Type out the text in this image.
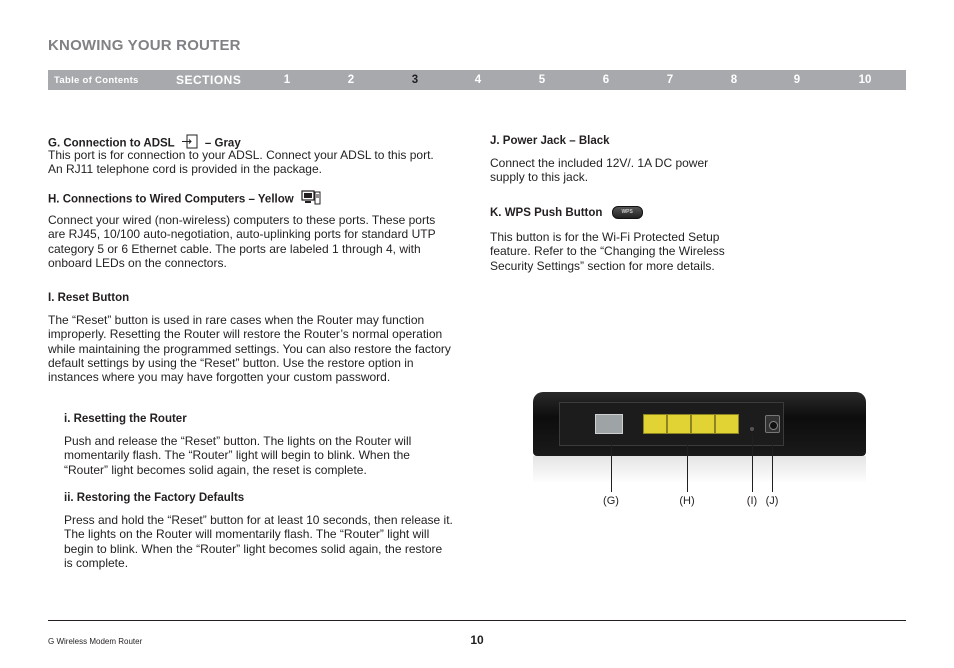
KNOWING YOUR ROUTER
Table of Contents	SECTIONS	1	2	3	4	5	6	7	8	9	10
G. Connection to ADSL	– Gray
This port is for connection to your ADSL. Connect your ADSL to this port. An RJ11 telephone cord is provided in the package.
H. Connections to Wired Computers – Yellow
Connect your wired (non-wireless) computers to these ports. These ports are RJ45, 10/100 auto-negotiation, auto-uplinking ports for standard UTP category 5 or 6 Ethernet cable. The ports are labeled 1 through 4, with onboard LEDs on the connectors.
I. Reset Button
The “Reset” button is used in rare cases when the Router may function improperly. Resetting the Router will restore the Router’s normal operation while maintaining the programmed settings. You can also restore the factory default settings by using the “Reset” button. Use the restore option in instances where you may have forgotten your custom password.
i. Resetting the Router
Push and release the “Reset” button. The lights on the Router will momentarily flash. The “Router” light will begin to blink. When the “Router” light becomes solid again, the reset is complete.
ii. Restoring the Factory Defaults
Press and hold the “Reset” button for at least 10 seconds, then release it. The lights on the Router will momentarily flash. The “Router” light will begin to blink. When the “Router” light becomes solid again, the restore is complete.
J. Power Jack – Black
Connect the included 12V/. 1A DC power supply to this jack.
K. WPS Push Button	WPS
This button is for the Wi-Fi Protected Setup feature. Refer to the “Changing the Wireless Security Settings” section for more details.
(G)	(H)	(I) (J)
G Wireless Modem Router	10
